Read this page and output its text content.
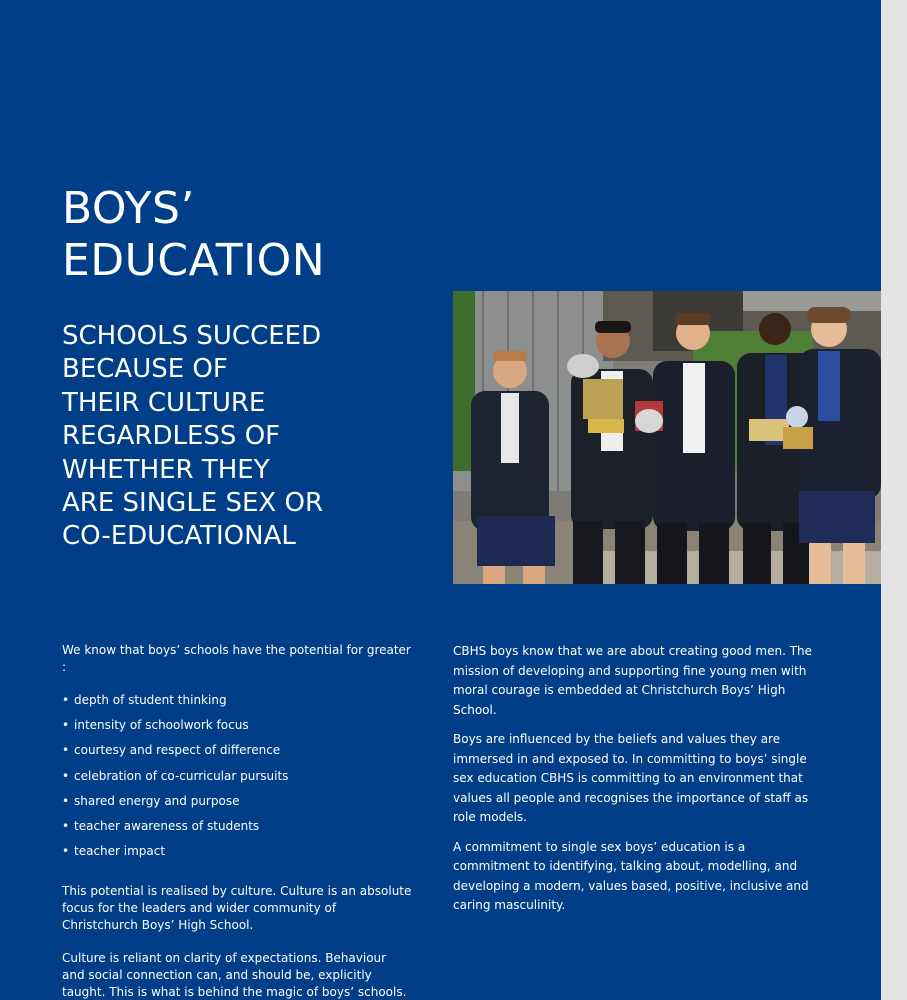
BOYS’
EDUCATION
SCHOOLS SUCCEED
BECAUSE OF
THEIR CULTURE
REGARDLESS OF
WHETHER THEY
ARE SINGLE SEX OR
CO-EDUCATIONAL

We know that boys’ schools have the potential for greater :

• depth of student thinking
• intensity of schoolwork focus
• courtesy and respect of difference
• celebration of co-curricular pursuits
• shared energy and purpose
• teacher awareness of students
• teacher impact

This potential is realised by culture. Culture is an absolute focus for the leaders and wider community of Christchurch Boys’ High School.

Culture is reliant on clarity of expectations. Behaviour and social connection can, and should be, explicitly taught. This is what is behind the magic of boys’ schools.

CBHS boys know that we are about creating good men. The mission of developing and supporting fine young men with moral courage is embedded at Christchurch Boys’ High School.

Boys are influenced by the beliefs and values they are immersed in and exposed to. In committing to boys’ single sex education CBHS is committing to an environment that values all people and recognises the importance of staff as role models.

A commitment to single sex boys’ education is a commitment to identifying, talking about, modelling, and developing a modern, values based, positive, inclusive and caring masculinity.
